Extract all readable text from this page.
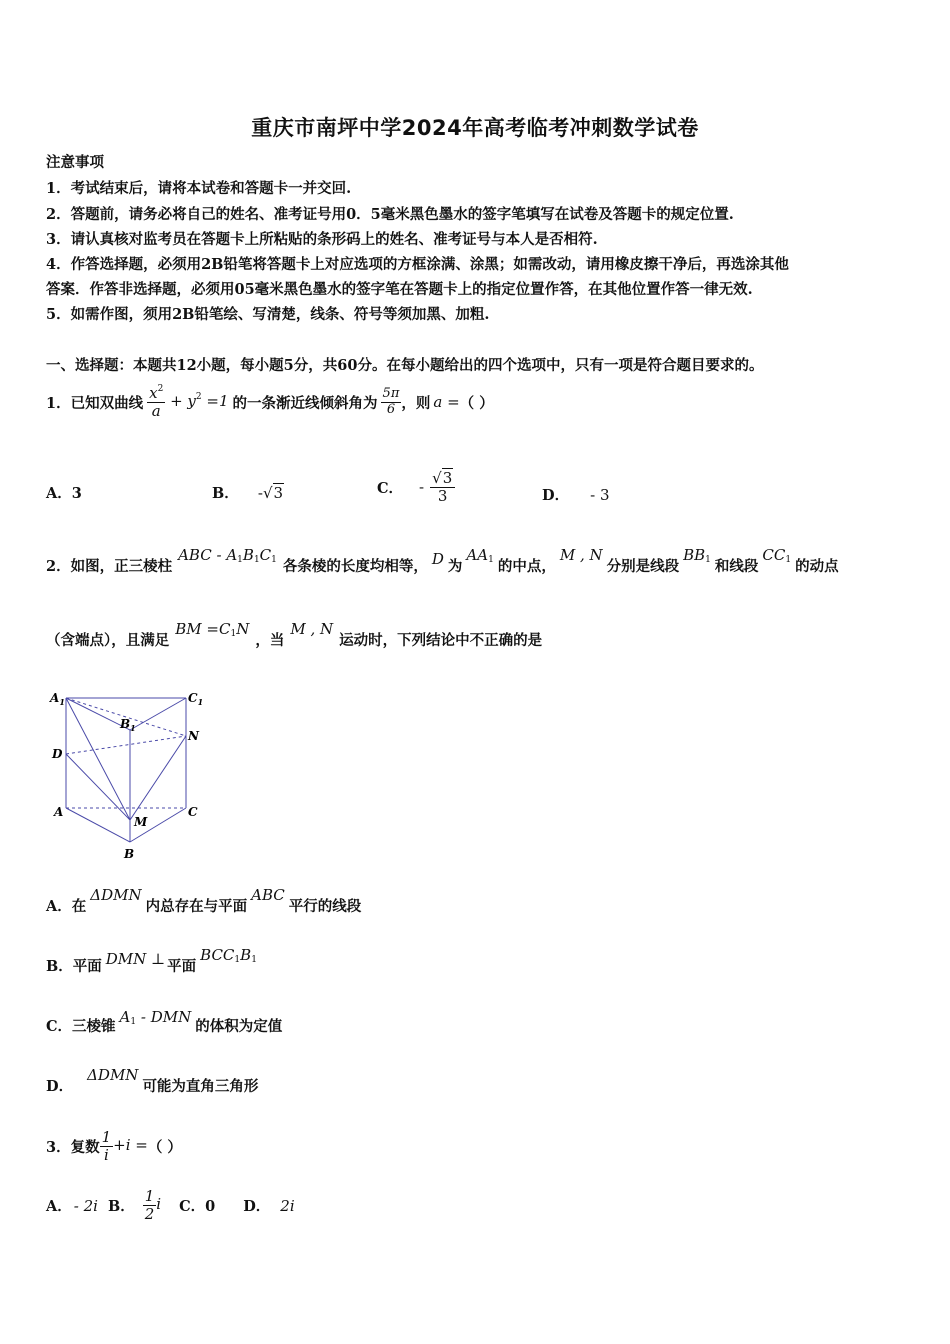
重庆市南坪中学2024年高考临考冲刺数学试卷
注意事项
1．考试结束后，请将本试卷和答题卡一并交回.
2．答题前，请务必将自己的姓名、准考证号用0．5毫米黑色墨水的签字笔填写在试卷及答题卡的规定位置.
3．请认真核对监考员在答题卡上所粘贴的条形码上的姓名、准考证号与本人是否相符.
4．作答选择题，必须用2B铅笔将答题卡上对应选项的方框涂满、涂黑；如需改动，请用橡皮擦干净后，再选涂其他
答案．作答非选择题，必须用05毫米黑色墨水的签字笔在答题卡上的指定位置作答，在其他位置作答一律无效.
5．如需作图，须用2B铅笔绘、写清楚，线条、符号等须加黑、加粗.
一、选择题：本题共12小题，每小题5分，共60分。在每小题给出的四个选项中，只有一项是符合题目要求的。
1．已知双曲线 $\frac{x^2}{a} + y^2 =1$ 的一条渐近线倾斜角为 $\frac{5\pi}{6}$ ，则 a = （ ）
A．3	B． -√3	C． - $\frac{√3}{3}$	D． - 3
2．如图，正三棱柱
ABC - $A_1B_1C_1$ 各条棱的长度均相等， D 为
$AA_1$ 的中点，
M , N
分别是线段
$BB_1$ 和线段
$CC_1$ 的动点
（含端点），且满足
BM $=C_1N$
，当
M , N
运动时，下列结论中不正确的是
$A_1$
$B_1$
$C_1$
N
D
A	C
M
B
A． 在
ΔDMN
内总存在与平面
ABC
平行的线段
B． 平面 DMN ⊥ 平面
$BCC_1B_1$
C． 三棱锥
$A_1$ - DMN
的体积为定值
D．
ΔDMN
可能为直角三角形
3．复数 $\frac{1}{i} +i$ = （ ）
A． - 2i B． $\frac{1}{2}$ i C．0 D． 2i
